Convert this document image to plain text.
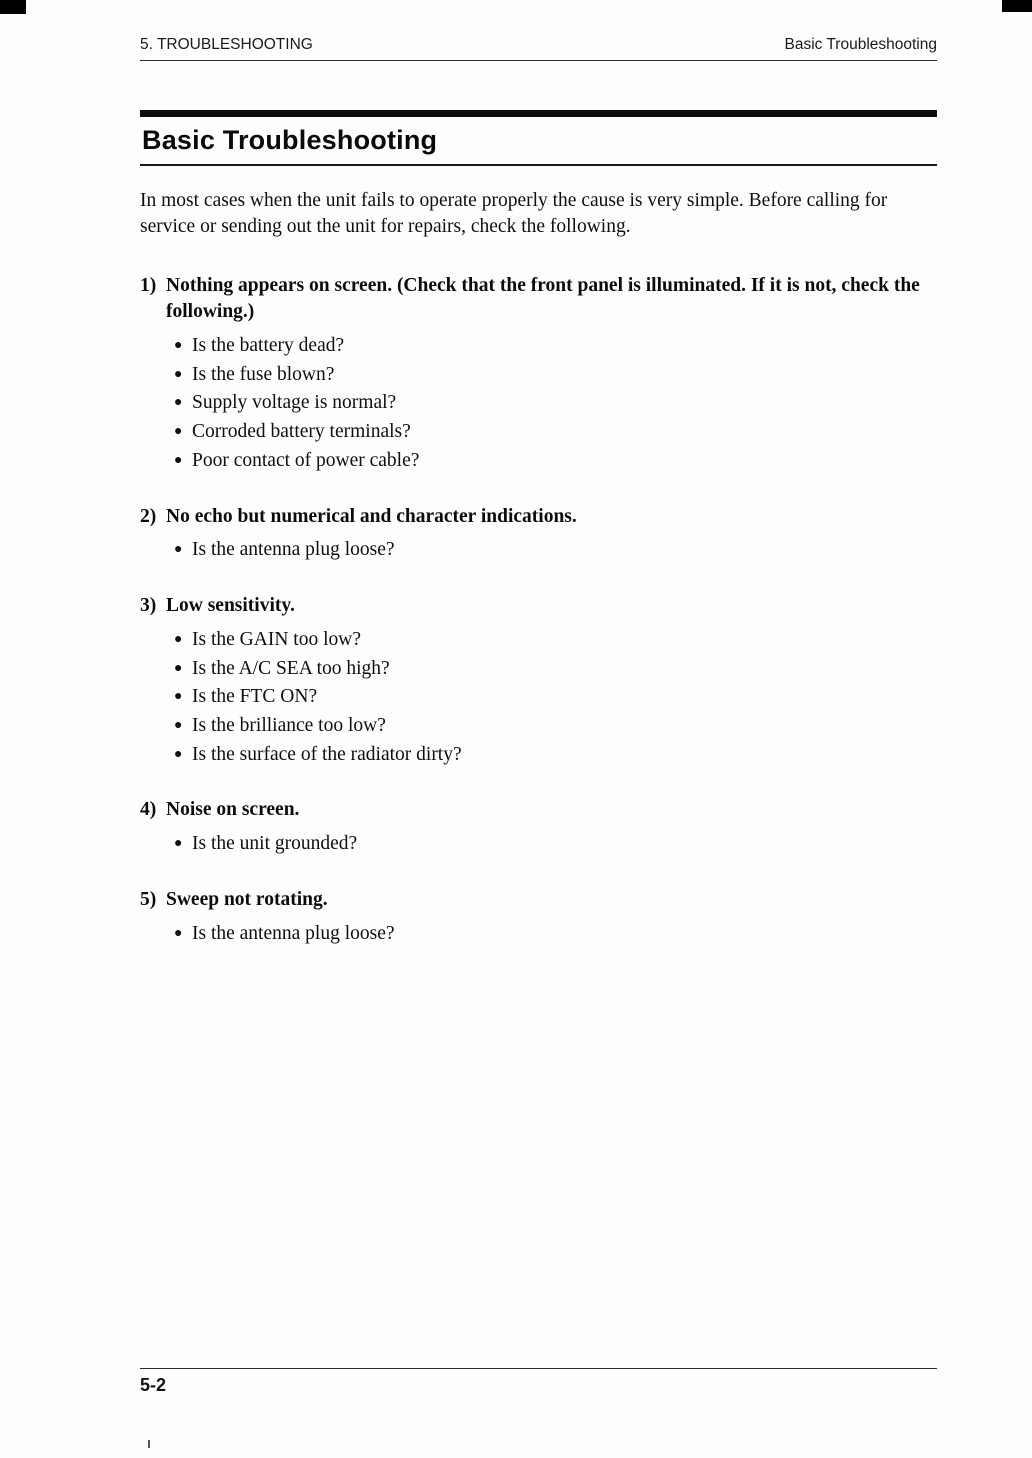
5. TROUBLESHOOTING	Basic Troubleshooting
Basic Troubleshooting

In most cases when the unit fails to operate properly the cause is very simple. Before calling for service or sending out the unit for repairs, check the following.

1) Nothing appears on screen. (Check that the front panel is illuminated. If it is not, check the following.)
● Is the battery dead?
● Is the fuse blown?
● Supply voltage is normal?
● Corroded battery terminals?
● Poor contact of power cable?
2) No echo but numerical and character indications.
● Is the antenna plug loose?
3) Low sensitivity.
● Is the GAIN too low?
● Is the A/C SEA too high?
● Is the FTC ON?
● Is the brilliance too low?
● Is the surface of the radiator dirty?
4) Noise on screen.
● Is the unit grounded?
5) Sweep not rotating.
● Is the antenna plug loose?
5-2
